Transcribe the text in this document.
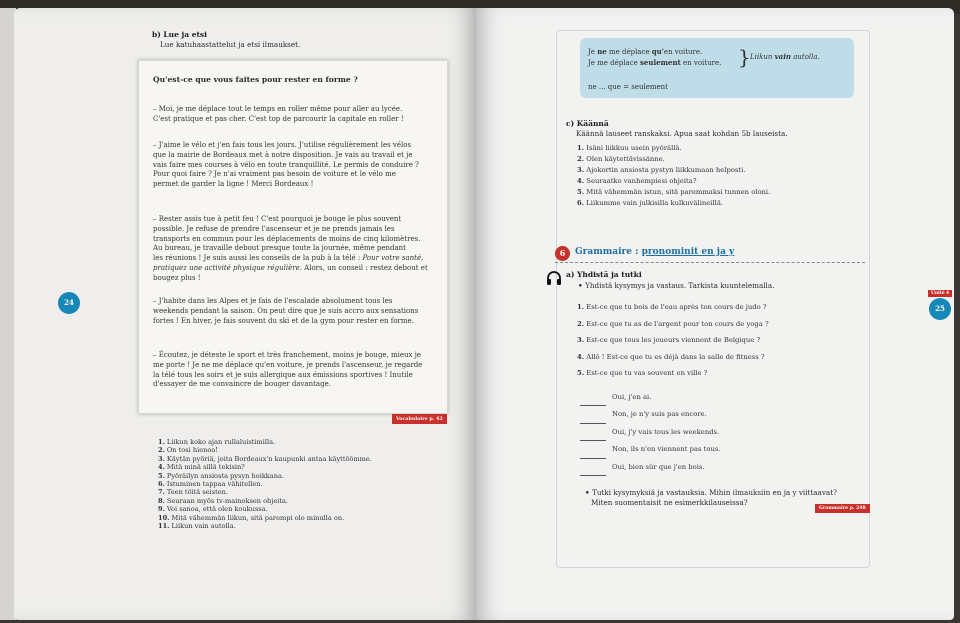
b) Lue ja etsi
Lue katuhaastattelut ja etsi ilmaukset.
Qu'est-ce que vous faites pour rester en forme ?
– Moi, je me déplace tout le temps en roller même pour aller au lycée.
C'est pratique et pas cher. C'est top de parcourir la capitale en roller !
– J'aime le vélo et j'en fais tous les jours. J'utilise régulièrement les vélos
que la mairie de Bordeaux met à notre disposition. Je vais au travail et je
vais faire mes courses à vélo en toute tranquillité. Le permis de conduire ?
Pour quoi faire ? Je n'ai vraiment pas besoin de voiture et le vélo me
permet de garder la ligne ! Merci Bordeaux !
– Rester assis tue à petit feu ! C'est pourquoi je bouge le plus souvent
possible. Je refuse de prendre l'ascenseur et je ne prends jamais les
transports en commun pour les déplacements de moins de cinq kilomètres.
Au bureau, je travaille debout presque toute la journée, même pendant
les réunions ! Je suis aussi les conseils de la pub à la télé : Pour votre santé,
pratiquez une activité physique régulière. Alors, un conseil : restez debout et
bougez plus !
– J'habite dans les Alpes et je fais de l'escalade absolument tous les
weekends pendant la saison. On peut dire que je suis accro aux sensations
fortes ! En hiver, je fais souvent du ski et de la gym pour rester en forme.
– Écoutez, je déteste le sport et très franchement, moins je bouge, mieux je
me porte ! Je ne me déplace qu'en voiture, je prends l'ascenseur, je regarde
la télé tous les soirs et je suis allergique aux émissions sportives ! Inutile
d'essayer de me convaincre de bouger davantage.
Vocabulaire p. 42
24
1. Liikun koko ajan rullaluistimilla.
2. On tosi hienoa!
3. Käytän pyöriä, joita Bordeaux'n kaupunki antaa käyttöömme.
4. Mitä minä sillä tekisin?
5. Pyöräilyn ansiosta pysyn hoikkana.
6. Istuminen tappaa vähitellen.
7. Teen töitä seisten.
8. Seuraan myös tv-mainoksen ohjeita.
9. Voi sanoa, että olen koukussa.
10. Mitä vähemmän liikun, sitä parempi olo minulla on.
11. Liikun vain autolla.
Je ne me déplace qu'en voiture.
Je me déplace seulement en voiture. } Liikun vain autolla.
ne ... que = seulement
c) Käännä
Käännä lauseet ranskaksi. Apua saat kohdan 5b lauseista.
1. Isäni liikkuu usein pyörällä.
2. Olen käytettävissänne.
3. Ajokortin ansiosta pystyn liikkumaan helposti.
4. Seuraatko vanhempiesi ohjeita?
5. Mitä vähemmän istun, sitä paremmaksi tunnen oloni.
6. Liikumme vain julkisilla kulkuvälineillä.
6	Grammaire : pronominit en ja y
a) Yhdistä ja tutki
• Yhdistä kysymys ja vastaus. Tarkista kuuntelemalla.
1. Est-ce que tu bois de l'eau après ton cours de judo ?
2. Est-ce que tu as de l'argent pour ton cours de yoga ?
3. Est-ce que tous les joueurs viennent de Belgique ?
4. Allô ! Est-ce que tu es déjà dans la salle de fitness ?
5. Est-ce que tu vas souvent en ville ?
Oui, j'en ai.
Non, je n'y suis pas encore.
Oui, j'y vais tous les weekends.
Non, ils n'en viennent pas tous.
Oui, bien sûr que j'en bois.
• Tutki kysymyksiä ja vastauksia. Mihin ilmauksiin en ja y viittaavat?
Miten suomentaisit ne esimerkkilauseissa?
Grammaire p. 248
Unité 4
25
